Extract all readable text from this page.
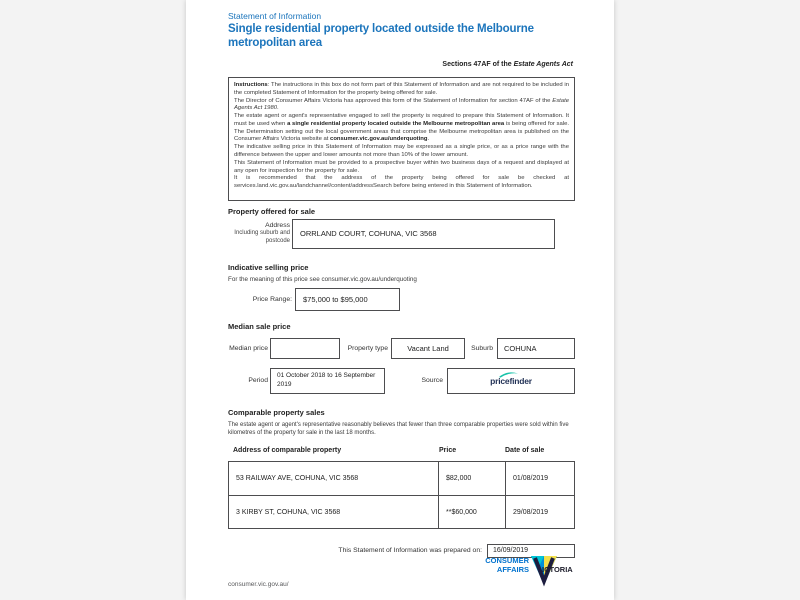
Statement of Information
Single residential property located outside the Melbourne metropolitan area
Sections 47AF of the Estate Agents Act
Instructions: The instructions in this box do not form part of this Statement of Information and are not required to be included in the completed Statement of Information for the property being offered for sale.
The Director of Consumer Affairs Victoria has approved this form of the Statement of Information for section 47AF of the Estate Agents Act 1980.
The estate agent or agent's representative engaged to sell the property is required to prepare this Statement of Information. It must be used when a single residential property located outside the Melbourne metropolitan area is being offered for sale. The Determination setting out the local government areas that comprise the Melbourne metropolitan area is published on the Consumer Affairs Victoria website at consumer.vic.gov.au/underquoting.
The indicative selling price in this Statement of Information may be expressed as a single price, or as a price range with the difference between the upper and lower amounts not more than 10% of the lower amount.
This Statement of Information must be provided to a prospective buyer within two business days of a request and displayed at any open for inspection for the property for sale.
It is recommended that the address of the property being offered for sale be checked at services.land.vic.gov.au/landchannel/content/addressSearch before being entered in this Statement of Information.
Property offered for sale
Address
Including suburb and postcode
ORRLAND COURT, COHUNA, VIC 3568
Indicative selling price
For the meaning of this price see consumer.vic.gov.au/underquoting
Price Range:	$75,000 to $95,000
Median sale price
Median price	Property type	Vacant Land	Suburb	COHUNA
Period
01 October 2018 to 16 September 2019
Source	pricefinder
Comparable property sales
The estate agent or agent's representative reasonably believes that fewer than three comparable properties were sold within five kilometres of the property for sale in the last 18 months.
Address of comparable property	Price	Date of sale
53 RAILWAY AVE, COHUNA, VIC 3568	$82,000	01/08/2019
3 KIRBY ST, COHUNA, VIC 3568	**$60,000	29/08/2019
This Statement of Information was prepared on:	16/09/2019
CONSUMER
AFFAIRS ICTORIA
consumer.vic.gov.au/
